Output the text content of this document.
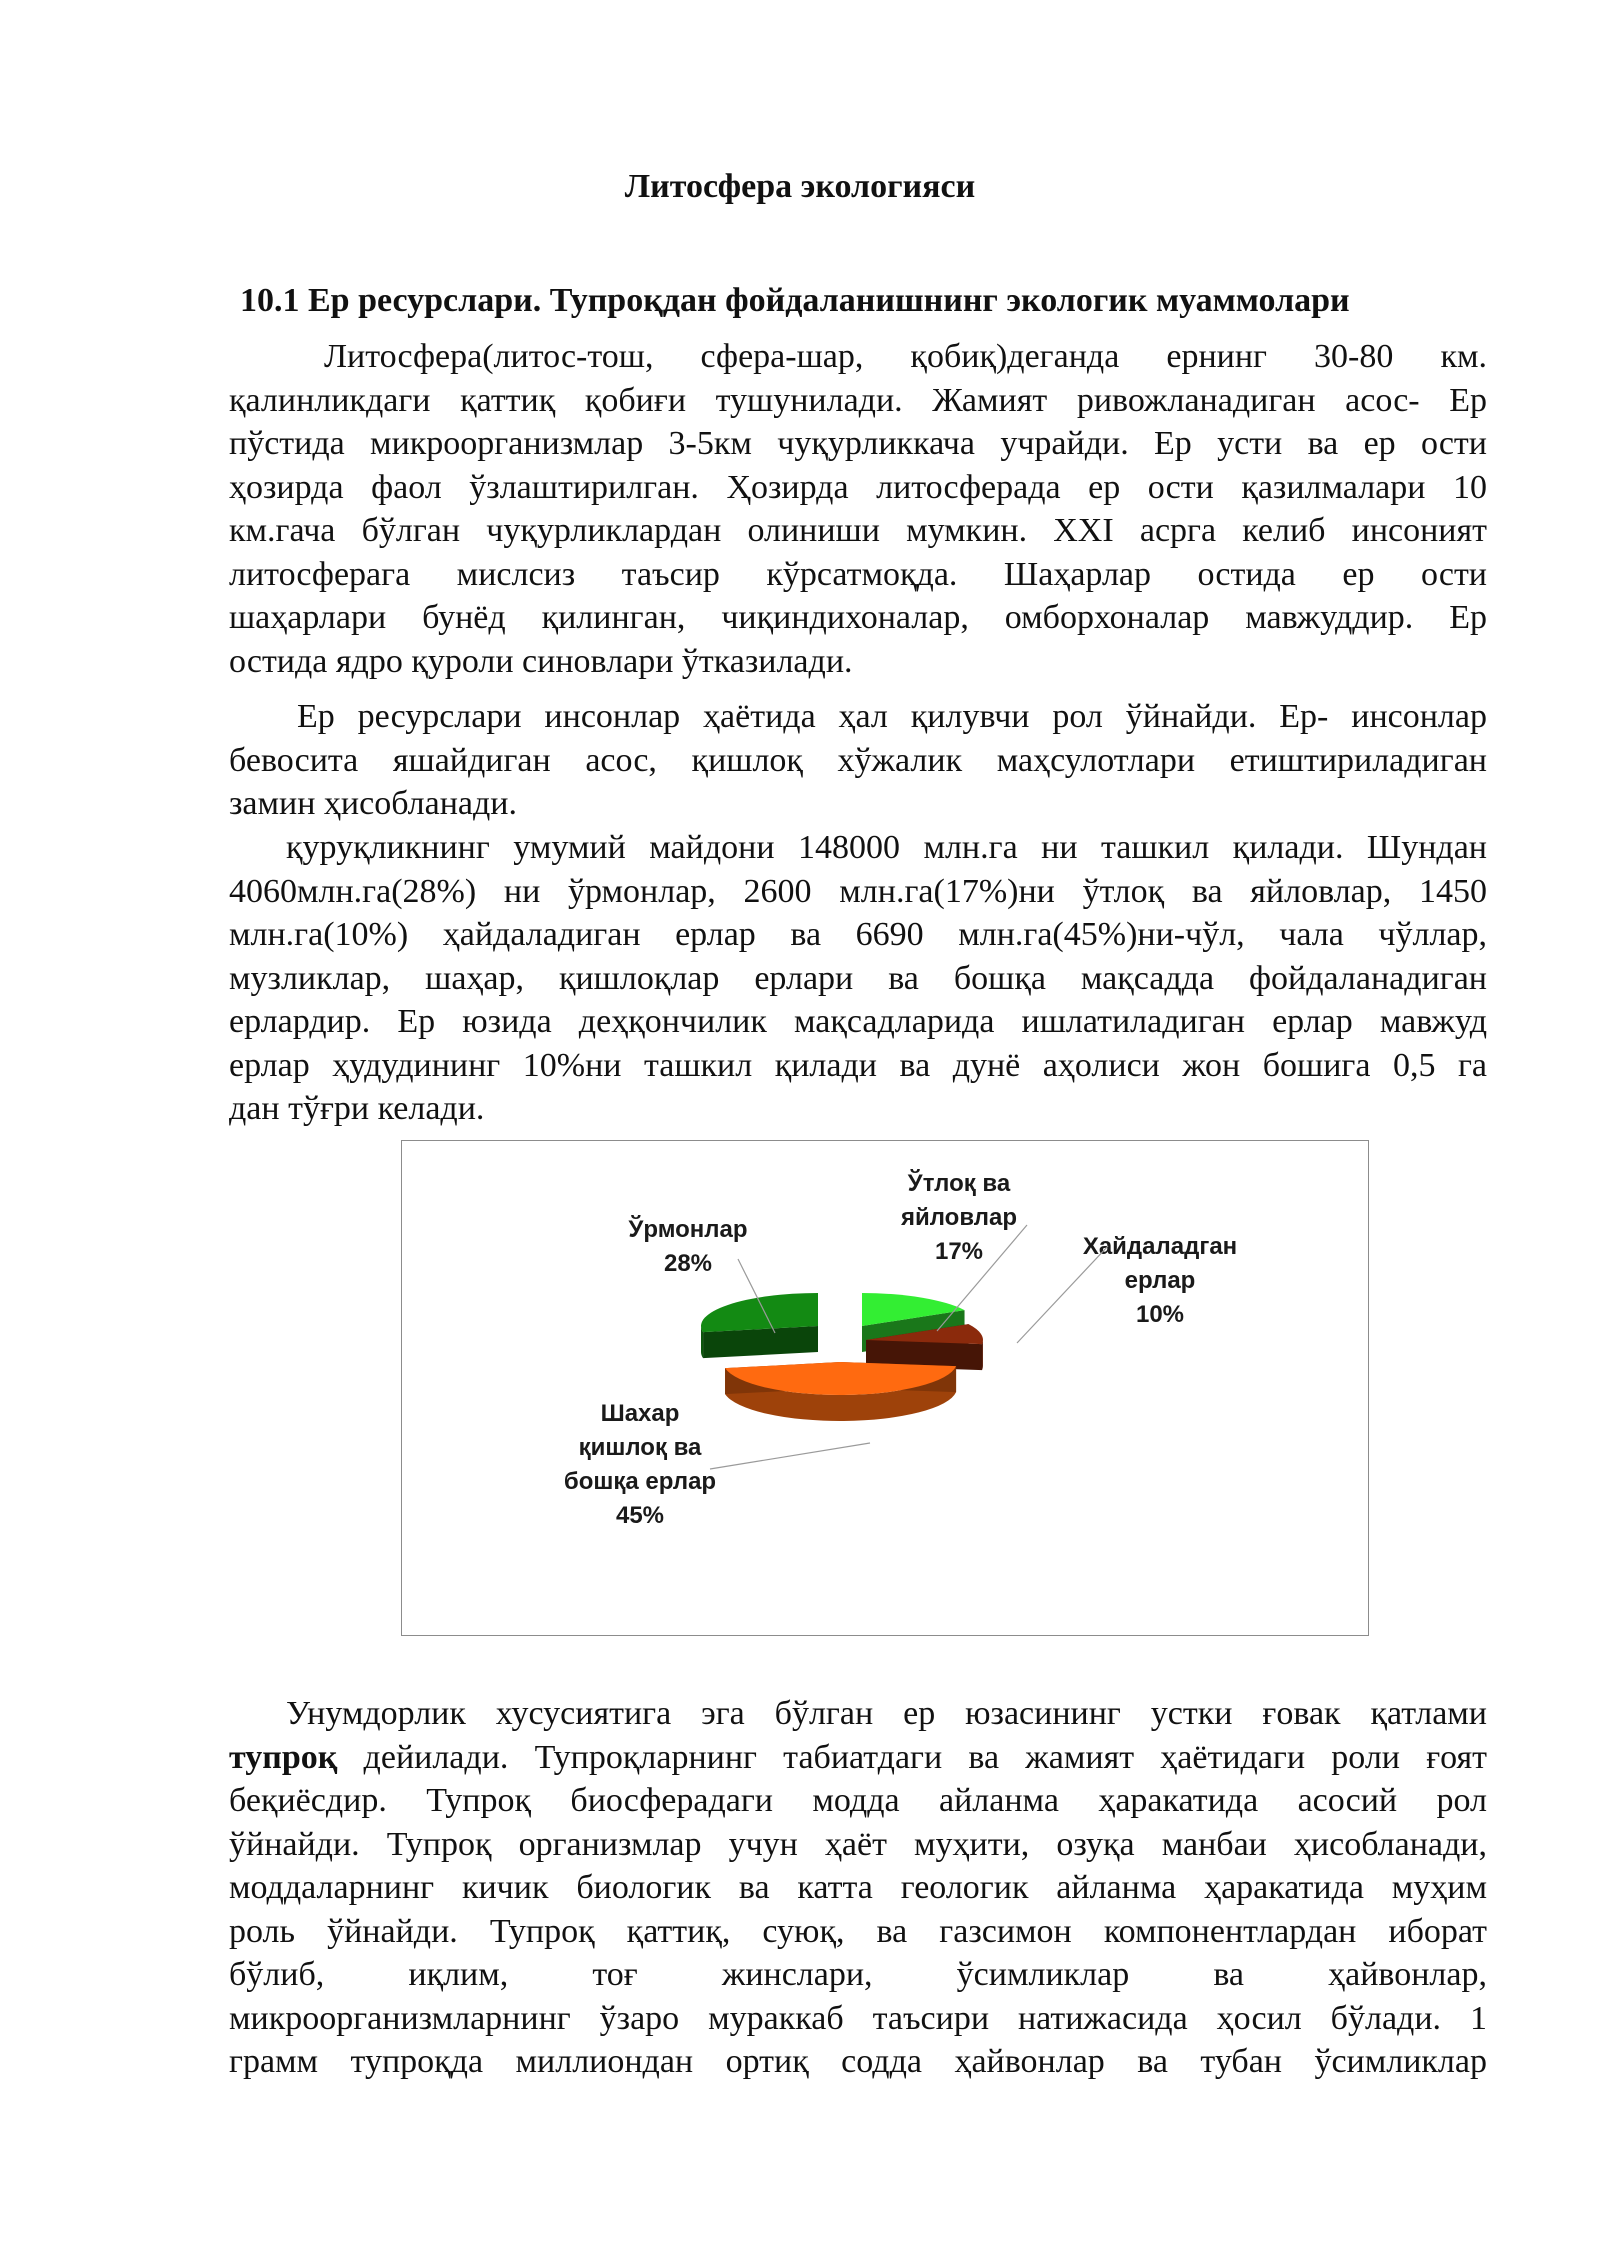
Литосфера экологияси
10.1 Ер ресурслари. Тупроқдан фойдаланишнинг экологик муаммолари
Литосфера(литос-тош, сфера-шар, қобиқ)деганда ернинг 30-80 км.
қалинликдаги қаттиқ қобиғи тушунилади. Жамият ривожланадиган асос- Ер
пўстида микроорганизмлар 3-5км чуқурликкача учрайди. Ер усти ва ер ости
ҳозирда фаол ўзлаштирилган. Ҳозирда литосферада ер ости қазилмалари 10
км.гача бўлган чуқурликлардан олиниши мумкин. XXI асрга келиб инсоният
литосферага мислсиз таъсир кўрсатмоқда. Шаҳарлар остида ер ости
шаҳарлари бунёд қилинган, чиқиндихоналар, омборхоналар мавжуддир. Ер
остида ядро қуроли синовлари ўтказилади.
Ер ресурслари инсонлар ҳаётида ҳал қилувчи рол ўйнайди. Ер- инсонлар
бевосита яшайдиган асос, қишлоқ хўжалик маҳсулотлари етиштириладиган
замин ҳисобланади.
қуруқликнинг умумий майдони 148000 млн.га ни ташкил қилади. Шундан
4060млн.га(28%) ни ўрмонлар, 2600 млн.га(17%)ни ўтлоқ ва яйловлар, 1450
млн.га(10%) ҳайдаладиган ерлар ва 6690 млн.га(45%)ни-чўл, чала чўллар,
музликлар, шаҳар, қишлоқлар ерлари ва бошқа мақсадда фойдаланадиган
ерлардир. Ер юзида деҳқончилик мақсадларида ишлатиладиган ерлар мавжуд
ерлар ҳудудининг 10%ни ташкил қилади ва дунё аҳолиси жон бошига 0,5 га
дан тўғри келади.
Ўтлоқ ва яйловлар 17%	Хайдаладган ерлар 10%
Шахар қишлоқ ва бошқа ерлар 45%
Ўрмонлар 28%
Унумдорлик хусусиятига эга бўлган ер юзасининг устки ғовак қатлами
тупроқ дейилади. Тупроқларнинг табиатдаги ва жамият ҳаётидаги роли ғоят
беқиёсдир. Тупроқ биосферадаги модда айланма ҳаракатида асосий рол
ўйнайди. Тупроқ организмлар учун ҳаёт муҳити, озуқа манбаи ҳисобланади,
моддаларнинг кичик биологик ва катта геологик айланма ҳаракатида муҳим
роль ўйнайди. Тупроқ қаттиқ, суюқ, ва газсимон компонентлардан иборат
бўлиб, иқлим, тоғ жинслари, ўсимликлар ва ҳайвонлар,
микроорганизмларнинг ўзаро мураккаб таъсири натижасида ҳосил бўлади. 1
грамм тупроқда миллиондан ортиқ содда ҳайвонлар ва тубан ўсимликлар
